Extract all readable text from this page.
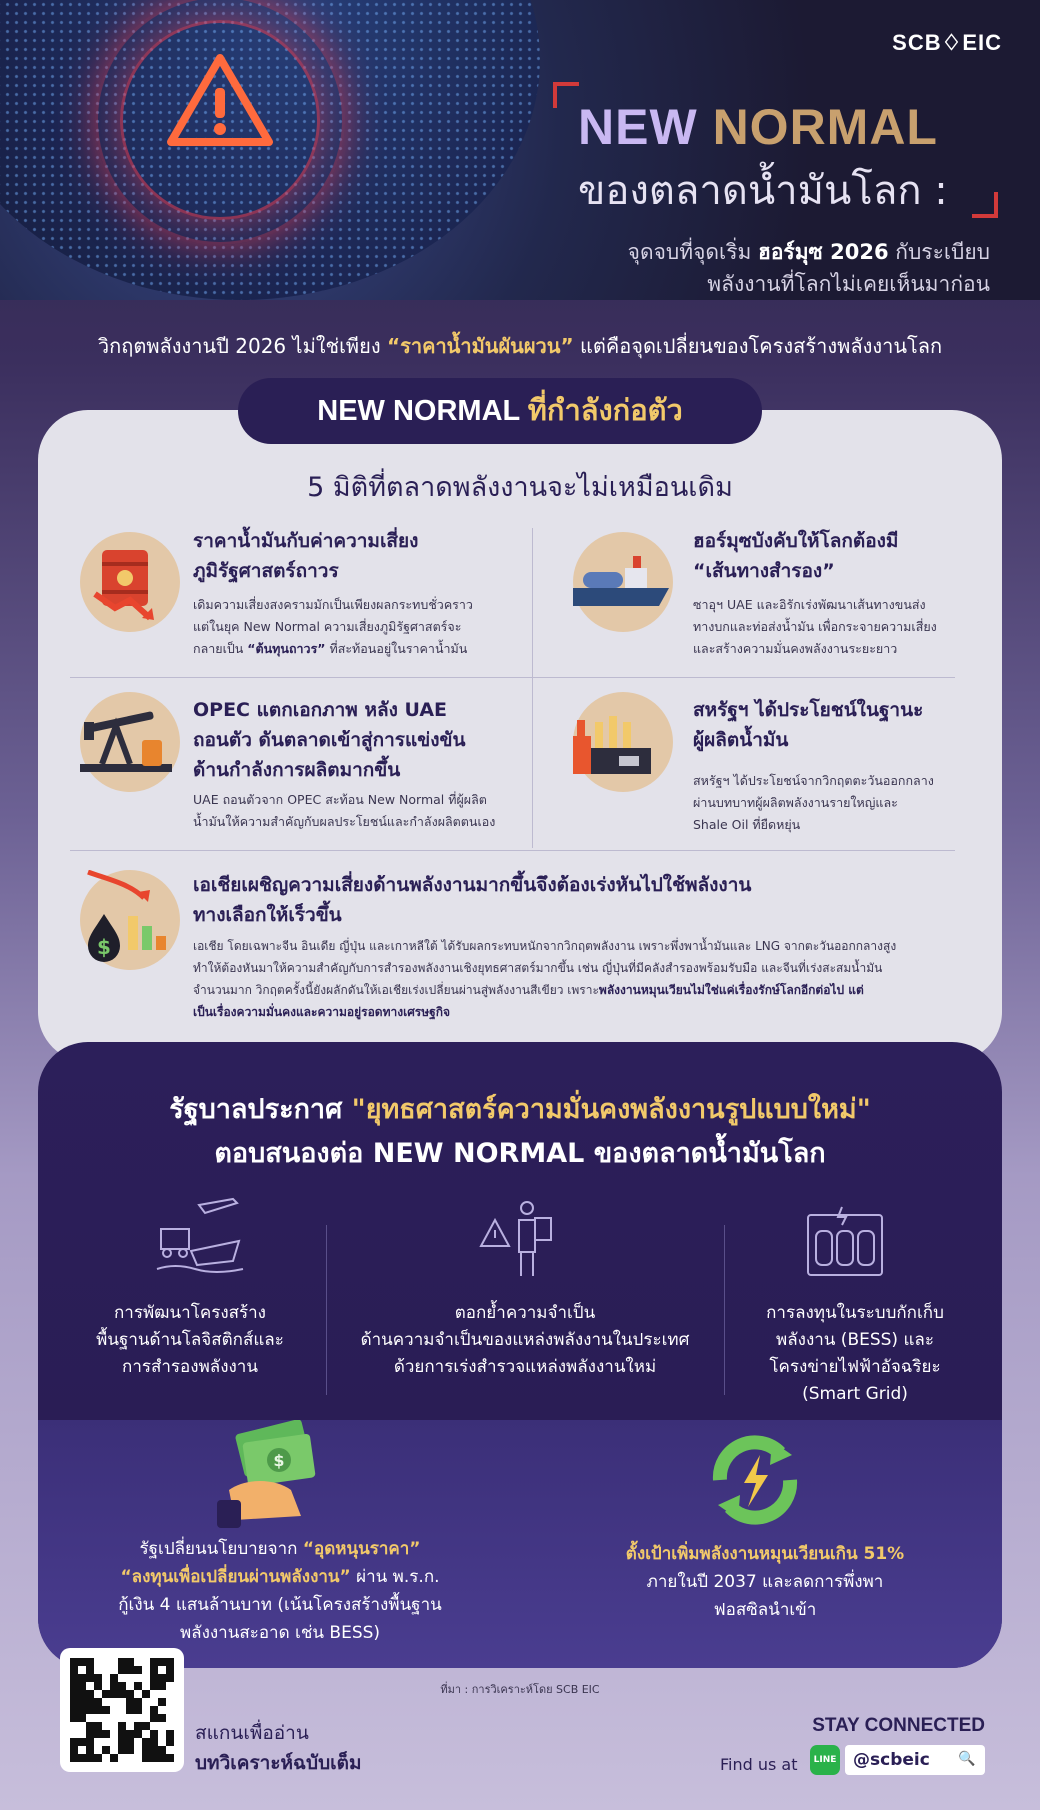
SCB♢EIC
NEW NORMAL
ของตลาดน้ำมันโลก :
จุดจบที่จุดเริ่ม ฮอร์มุซ 2026 กับระเบียบ
พลังงานที่โลกไม่เคยเห็นมาก่อน
วิกฤตพลังงานปี 2026 ไม่ใช่เพียง “ราคาน้ำมันผันผวน” แต่คือจุดเปลี่ยนของโครงสร้างพลังงานโลก
NEW NORMAL ที่กำลังก่อตัว
5 มิติที่ตลาดพลังงานจะไม่เหมือนเดิม
ราคาน้ำมันกับค่าความเสี่ยง
ภูมิรัฐศาสตร์ถาวร
เดิมความเสี่ยงสงครามมักเป็นเพียงผลกระทบชั่วคราว
แต่ในยุค New Normal ความเสี่ยงภูมิรัฐศาสตร์จะ
กลายเป็น “ต้นทุนถาวร” ที่สะท้อนอยู่ในราคาน้ำมัน
ฮอร์มุซบังคับให้โลกต้องมี
“เส้นทางสำรอง”
ซาอุฯ UAE และอิรักเร่งพัฒนาเส้นทางขนส่ง
ทางบกและท่อส่งน้ำมัน เพื่อกระจายความเสี่ยง
และสร้างความมั่นคงพลังงานระยะยาว
OPEC แตกเอกภาพ หลัง UAE
ถอนตัว ดันตลาดเข้าสู่การแข่งขัน
ด้านกำลังการผลิตมากขึ้น
UAE ถอนตัวจาก OPEC สะท้อน New Normal ที่ผู้ผลิต
น้ำมันให้ความสำคัญกับผลประโยชน์และกำลังผลิตตนเอง
สหรัฐฯ ได้ประโยชน์ในฐานะ
ผู้ผลิตน้ำมัน
สหรัฐฯ ได้ประโยชน์จากวิกฤตตะวันออกกลาง
ผ่านบทบาทผู้ผลิตพลังงานรายใหญ่และ
Shale Oil ที่ยืดหยุ่น
$
เอเชียเผชิญความเสี่ยงด้านพลังงานมากขึ้นจึงต้องเร่งหันไปใช้พลังงาน
ทางเลือกให้เร็วขึ้น
เอเชีย โดยเฉพาะจีน อินเดีย ญี่ปุ่น และเกาหลีใต้ ได้รับผลกระทบหนักจากวิกฤตพลังงาน เพราะพึ่งพาน้ำมันและ LNG จากตะวันออกกลางสูง
ทำให้ต้องหันมาให้ความสำคัญกับการสำรองพลังงานเชิงยุทธศาสตร์มากขึ้น เช่น ญี่ปุ่นที่มีคลังสำรองพร้อมรับมือ และจีนที่เร่งสะสมน้ำมัน
จำนวนมาก วิกฤตครั้งนี้ยังผลักดันให้เอเชียเร่งเปลี่ยนผ่านสู่พลังงานสีเขียว เพราะพลังงานหมุนเวียนไม่ใช่แค่เรื่องรักษ์โลกอีกต่อไป แต่
เป็นเรื่องความมั่นคงและความอยู่รอดทางเศรษฐกิจ
รัฐบาลประกาศ "ยุทธศาสตร์ความมั่นคงพลังงานรูปแบบใหม่"
ตอบสนองต่อ NEW NORMAL ของตลาดน้ำมันโลก
การพัฒนาโครงสร้าง
พื้นฐานด้านโลจิสติกส์และ
การสำรองพลังงาน
ตอกย้ำความจำเป็น
ด้านความจำเป็นของแหล่งพลังงานในประเทศ
ด้วยการเร่งสำรวจแหล่งพลังงานใหม่
การลงทุนในระบบกักเก็บ
พลังงาน (BESS) และ
โครงข่ายไฟฟ้าอัจฉริยะ
(Smart Grid)
$
รัฐเปลี่ยนนโยบายจาก “อุดหนุนราคา”
“ลงทุนเพื่อเปลี่ยนผ่านพลังงาน” ผ่าน พ.ร.ก.
กู้เงิน 4 แสนล้านบาท (เน้นโครงสร้างพื้นฐาน
พลังงานสะอาด เช่น BESS)
ตั้งเป้าเพิ่มพลังงานหมุนเวียนเกิน 51%
ภายในปี 2037 และลดการพึ่งพา
ฟอสซิลนำเข้า
ที่มา : การวิเคราะห์โดย SCB EIC
สแกนเพื่ออ่าน
บทวิเคราะห์ฉบับเต็ม
STAY CONNECTED
Find us at	LINE @scbeic	🔍
